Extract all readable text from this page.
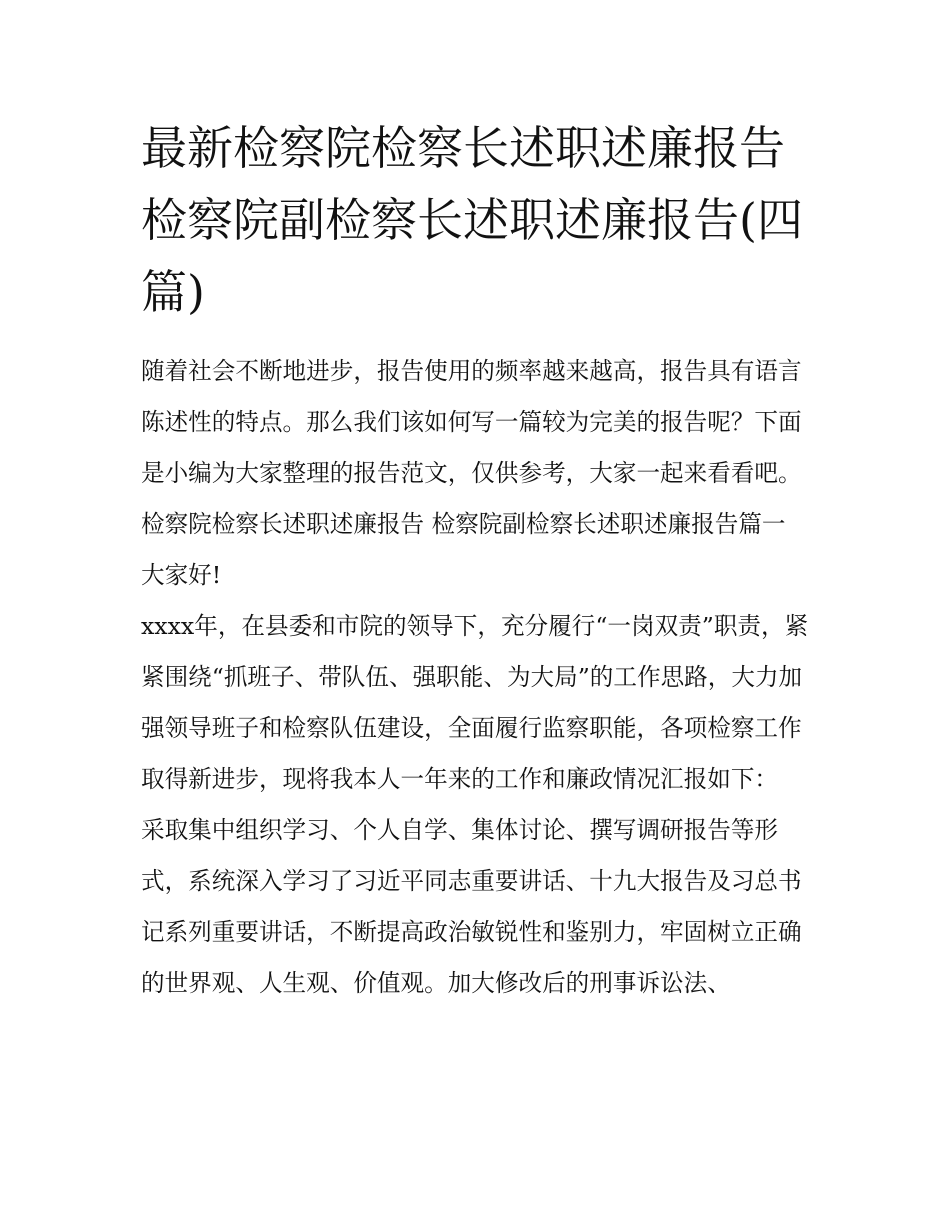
最新检察院检察长述职述廉报告 检察院副检察长述职述廉报告(四篇)

随着社会不断地进步，报告使用的频率越来越高，报告具有语言陈述性的特点。那么我们该如何写一篇较为完美的报告呢？下面是小编为大家整理的报告范文，仅供参考，大家一起来看看吧。

检察院检察长述职述廉报告 检察院副检察长述职述廉报告篇一 大家好!

xxxx年，在县委和市院的领导下，充分履行“一岗双责”职责，紧紧围绕“抓班子、带队伍、强职能、为大局”的工作思路，大力加强领导班子和检察队伍建设，全面履行监察职能，各项检察工作取得新进步，现将我本人一年来的工作和廉政情况汇报如下：

采取集中组织学习、个人自学、集体讨论、撰写调研报告等形式，系统深入学习了习近平同志重要讲话、十九大报告及习总书记系列重要讲话，不断提高政治敏锐性和鉴别力，牢固树立正确的世界观、人生观、价值观。加大修改后的刑事诉讼法、
